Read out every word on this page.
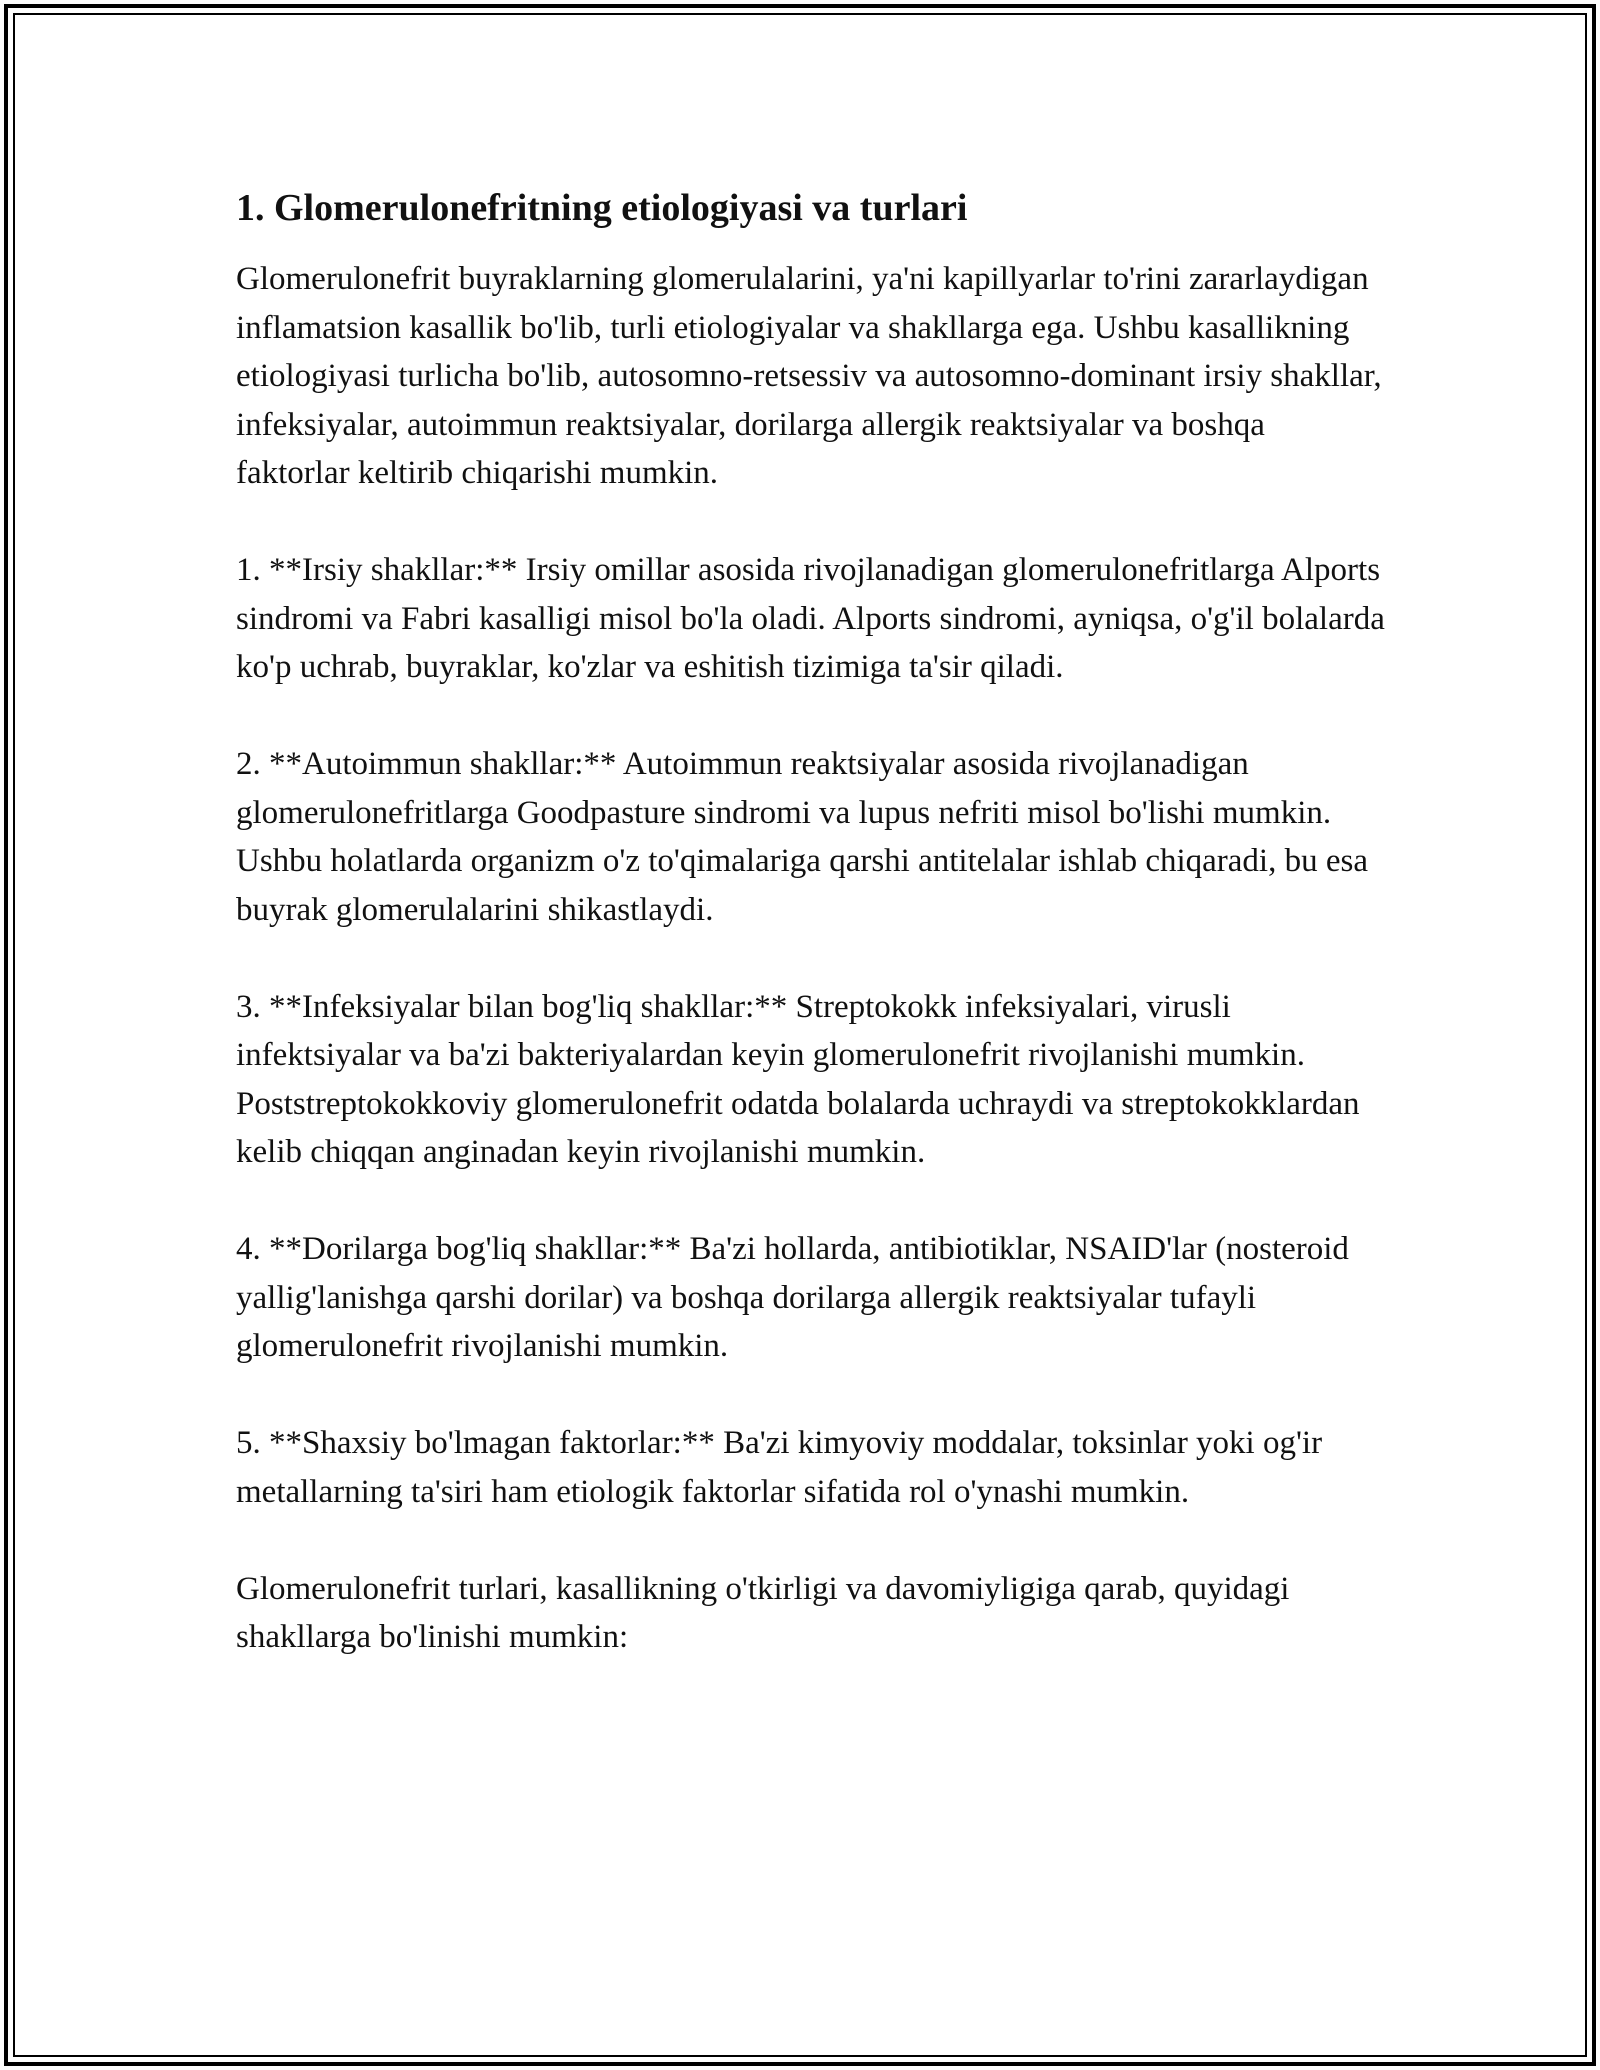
1. Glomerulonefritning etiologiyasi va turlari

Glomerulonefrit buyraklarning glomerulalarini, ya'ni kapillyarlar to'rini zararlaydigan inflamatsion kasallik bo'lib, turli etiologiyalar va shakllarga ega. Ushbu kasallikning etiologiyasi turlicha bo'lib, autosomno-retsessiv va autosomno-dominant irsiy shakllar, infeksiyalar, autoimmun reaktsiyalar, dorilarga allergik reaktsiyalar va boshqa faktorlar keltirib chiqarishi mumkin.

1. **Irsiy shakllar:** Irsiy omillar asosida rivojlanadigan glomerulonefritlarga Alports sindromi va Fabri kasalligi misol bo'la oladi. Alports sindromi, ayniqsa, o'g'il bolalarda ko'p uchrab, buyraklar, ko'zlar va eshitish tizimiga ta'sir qiladi.

2. **Autoimmun shakllar:** Autoimmun reaktsiyalar asosida rivojlanadigan glomerulonefritlarga Goodpasture sindromi va lupus nefriti misol bo'lishi mumkin. Ushbu holatlarda organizm o'z to'qimalariga qarshi antitelalar ishlab chiqaradi, bu esa buyrak glomerulalarini shikastlaydi.

3. **Infeksiyalar bilan bog'liq shakllar:** Streptokokk infeksiyalari, virusli infektsiyalar va ba'zi bakteriyalardan keyin glomerulonefrit rivojlanishi mumkin. Poststreptokokkoviy glomerulonefrit odatda bolalarda uchraydi va streptokokklardan kelib chiqqan anginadan keyin rivojlanishi mumkin.

4. **Dorilarga bog'liq shakllar:** Ba'zi hollarda, antibiotiklar, NSAID'lar (nosteroid yallig'lanishga qarshi dorilar) va boshqa dorilarga allergik reaktsiyalar tufayli glomerulonefrit rivojlanishi mumkin.

5. **Shaxsiy bo'lmagan faktorlar:** Ba'zi kimyoviy moddalar, toksinlar yoki og'ir metallarning ta'siri ham etiologik faktorlar sifatida rol o'ynashi mumkin.

Glomerulonefrit turlari, kasallikning o'tkirligi va davomiyligiga qarab, quyidagi shakllarga bo'linishi mumkin:
